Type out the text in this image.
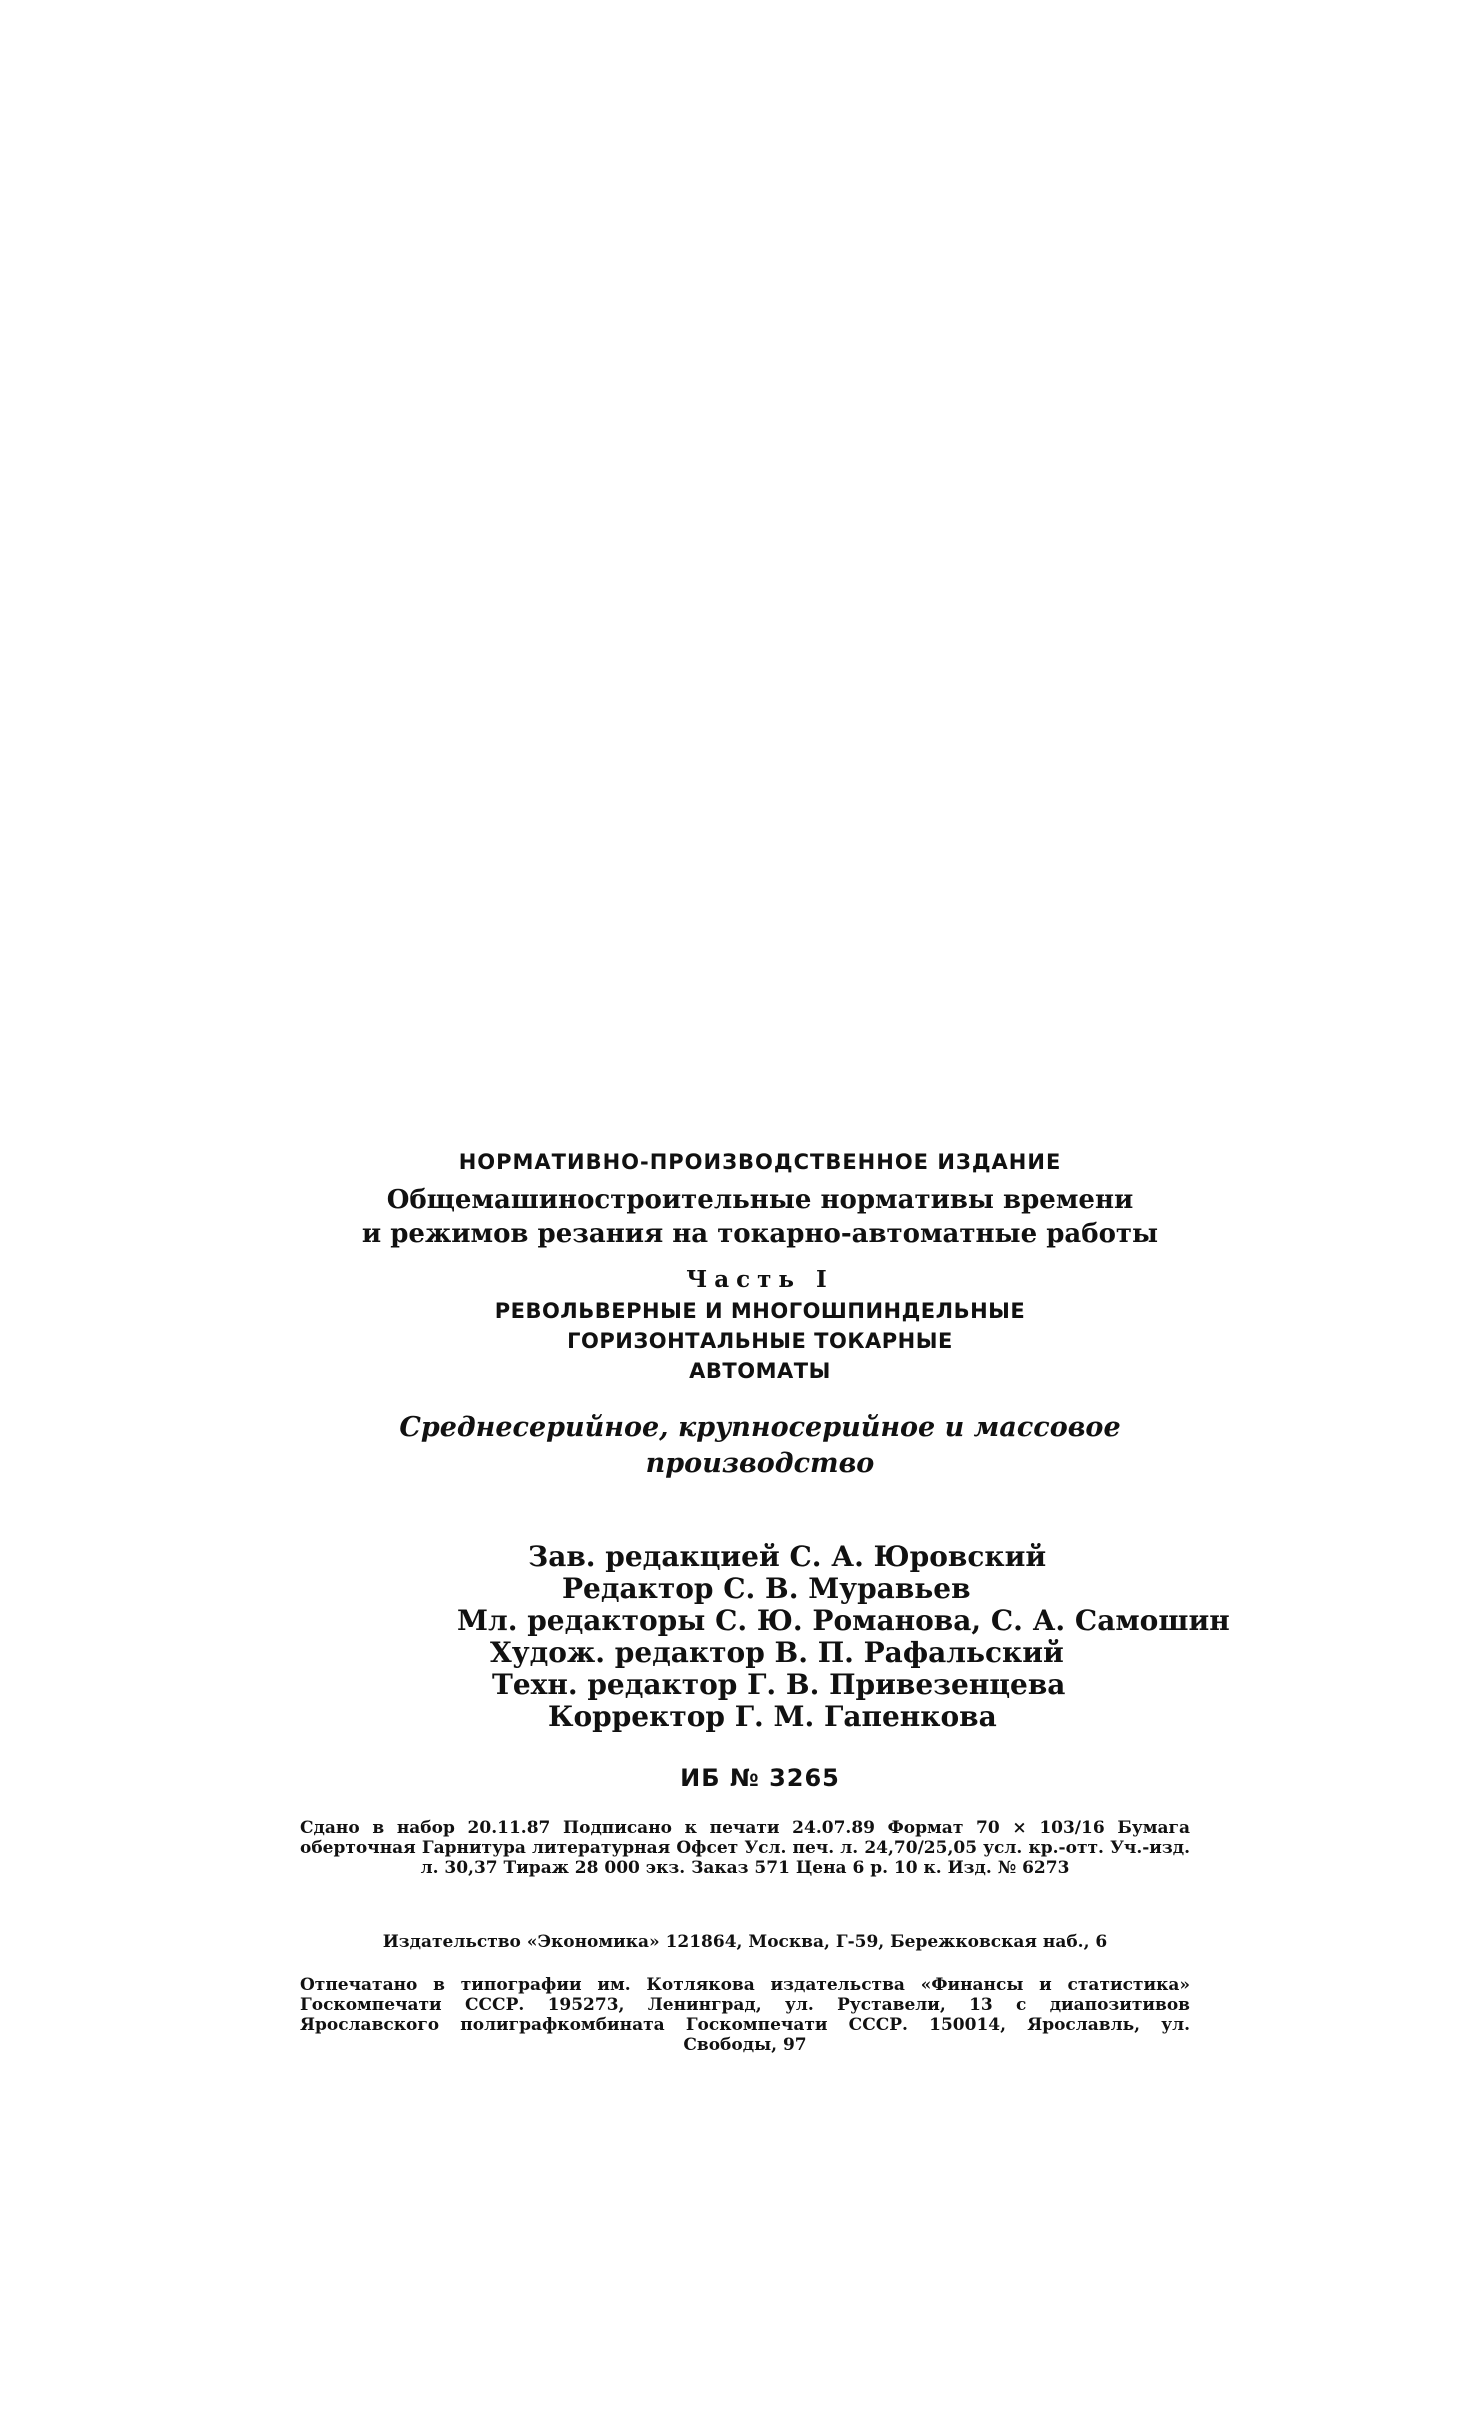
НОРМАТИВНО-ПРОИЗВОДСТВЕННОЕ ИЗДАНИЕ
Общемашиностроительные нормативы времени
и режимов резания на токарно-автоматные работы
Часть I
РЕВОЛЬВЕРНЫЕ И МНОГОШПИНДЕЛЬНЫЕ
ГОРИЗОНТАЛЬНЫЕ ТОКАРНЫЕ
АВТОМАТЫ
Среднесерийное, крупносерийное и массовое
производство
Зав. редакцией С. А. Юровский
Редактор С. В. Муравьев
Мл. редакторы С. Ю. Романова, С. А. Самошин
Худож. редактор В. П. Рафальский
Техн. редактор Г. В. Привезенцева
Корректор Г. М. Гапенкова
ИБ № 3265
Сдано в набор 20.11.87 Подписано к печати 24.07.89 Формат 70 × 103/16 Бумага оберточная Гарнитура литературная Офсет Усл. печ. л. 24,70/25,05 усл. кр.-отт. Уч.-изд. л. 30,37 Тираж 28 000 экз. Заказ 571 Цена 6 р. 10 к. Изд. № 6273
Издательство «Экономика» 121864, Москва, Г-59, Бережковская наб., 6
Отпечатано в типографии им. Котлякова издательства «Финансы и статистика» Госкомпечати СССР. 195273, Ленинград, ул. Руставели, 13 с диапозитивов Ярославского полиграфкомбината Госкомпечати СССР. 150014, Ярославль, ул. Свободы, 97
